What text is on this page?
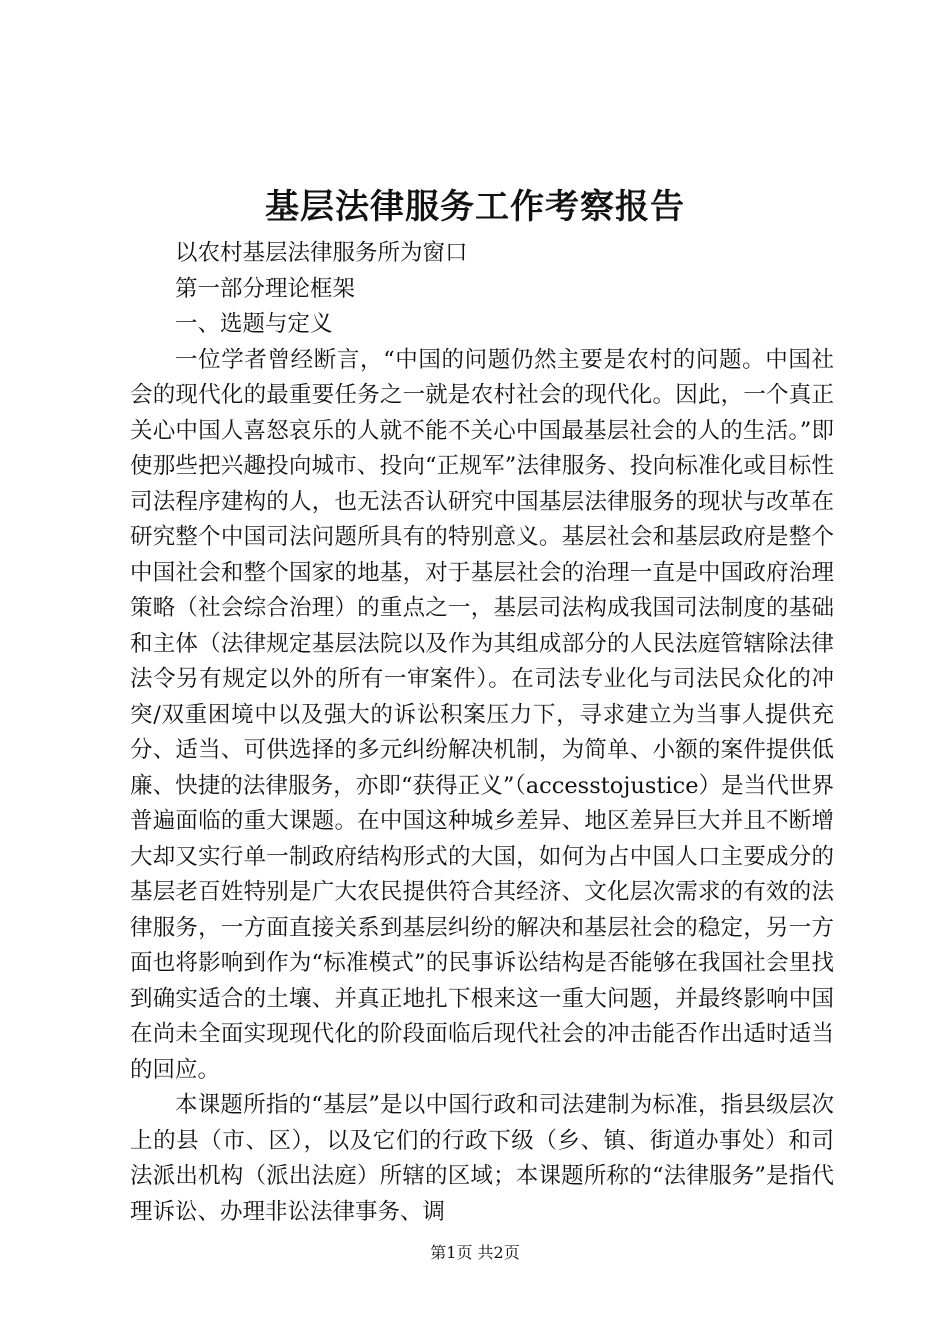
基层法律服务工作考察报告

以农村基层法律服务所为窗口

第一部分理论框架

一、选题与定义

一位学者曾经断言，“中国的问题仍然主要是农村的问题。中国社会的现代化的最重要任务之一就是农村社会的现代化。因此，一个真正关心中国人喜怒哀乐的人就不能不关心中国最基层社会的人的生活。”即使那些把兴趣投向城市、投向“正规军”法律服务、投向标准化或目标性司法程序建构的人，也无法否认研究中国基层法律服务的现状与改革在研究整个中国司法问题所具有的特别意义。基层社会和基层政府是整个中国社会和整个国家的地基，对于基层社会的治理一直是中国政府治理策略（社会综合治理）的重点之一，基层司法构成我国司法制度的基础和主体（法律规定基层法院以及作为其组成部分的人民法庭管辖除法律法令另有规定以外的所有一审案件）。在司法专业化与司法民众化的冲突/双重困境中以及强大的诉讼积案压力下，寻求建立为当事人提供充分、适当、可供选择的多元纠纷解决机制，为简单、小额的案件提供低廉、快捷的法律服务，亦即“获得正义”（accesstojustice）是当代世界普遍面临的重大课题。在中国这种城乡差异、地区差异巨大并且不断增大却又实行单一制政府结构形式的大国，如何为占中国人口主要成分的基层老百姓特别是广大农民提供符合其经济、文化层次需求的有效的法律服务，一方面直接关系到基层纠纷的解决和基层社会的稳定，另一方面也将影响到作为“标准模式”的民事诉讼结构是否能够在我国社会里找到确实适合的土壤、并真正地扎下根来这一重大问题，并最终影响中国在尚未全面实现现代化的阶段面临后现代社会的冲击能否作出适时适当的回应。

本课题所指的“基层”是以中国行政和司法建制为标准，指县级层次上的县（市、区），以及它们的行政下级（乡、镇、街道办事处）和司法派出机构（派出法庭）所辖的区域；本课题所称的“法律服务”是指代理诉讼、办理非讼法律事务、调

第1页 共2页
